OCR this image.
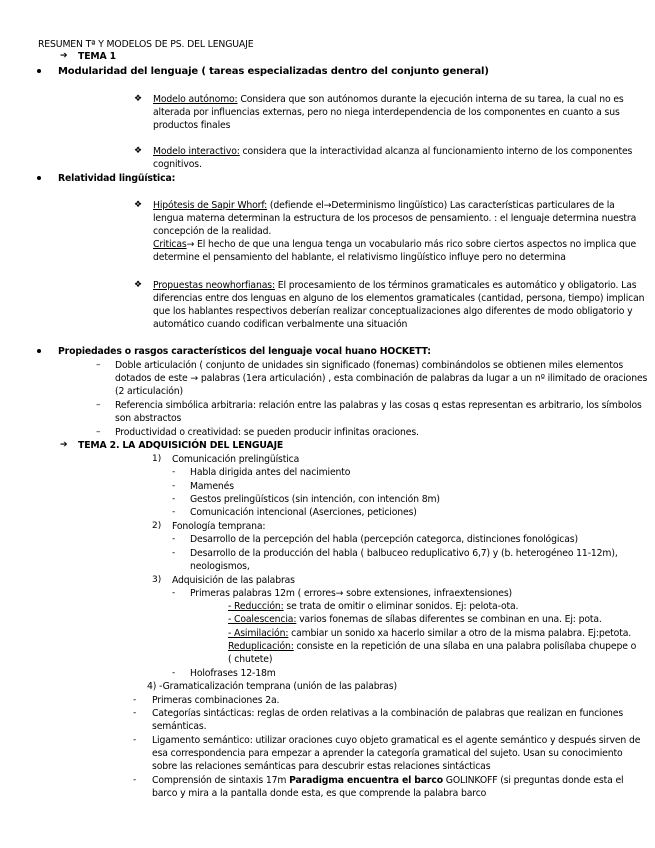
RESUMEN Tª Y MODELOS DE PS. DEL LENGUAJE
➔ TEMA 1
Modularidad del lenguaje ( tareas especializadas dentro del conjunto general)
❖ Modelo autónomo: Considera que son autónomos durante la ejecución interna de su tarea, la cual no es
alterada por influencias externas, pero no niega interdependencia de los componentes en cuanto a sus
productos finales
❖ Modelo interactivo: considera que la interactividad alcanza al funcionamiento interno de los componentes
cognitivos.
Relatividad lingüística:
❖ Hipótesis de Sapir Whorf: (defiende el→Determinismo lingüístico) Las características particulares de la
lengua materna determinan la estructura de los procesos de pensamiento. : el lenguaje determina nuestra
concepción de la realidad.
Criticas→ El hecho de que una lengua tenga un vocabulario más rico sobre ciertos aspectos no implica que
determine el pensamiento del hablante, el relativismo lingüístico influye pero no determina
❖ Propuestas neowhorfianas: El procesamiento de los términos gramaticales es automático y obligatorio. Las
diferencias entre dos lenguas en alguno de los elementos gramaticales (cantidad, persona, tiempo) implican
que los hablantes respectivos deberían realizar conceptualizaciones algo diferentes de modo obligatorio y
automático cuando codifican verbalmente una situación
Propiedades o rasgos característicos del lenguaje vocal huano HOCKETT:
– Doble articulación ( conjunto de unidades sin significado (fonemas) combinándolos se obtienen miles elementos
dotados de este → palabras (1era articulación) , esta combinación de palabras da lugar a un nº ilimitado de oraciones
(2 articulación)
– Referencia simbólica arbitraria: relación entre las palabras y las cosas q estas representan es arbitrario, los símbolos
son abstractos
– Productividad o creatividad: se pueden producir infinitas oraciones.
➔ TEMA 2. LA ADQUISICIÓN DEL LENGUAJE
1) Comunicación prelingüística
- Habla dirigida antes del nacimiento
- Mamenés
- Gestos prelingüísticos (sin intención, con intención 8m)
- Comunicación intencional (Aserciones, peticiones)
2) Fonología temprana:
- Desarrollo de la percepción del habla (percepción categorca, distinciones fonológicas)
- Desarrollo de la producción del habla ( balbuceo reduplicativo 6,7) y (b. heterogéneo 11-12m),
neologismos,
3) Adquisición de las palabras
- Primeras palabras 12m ( errores→ sobre extensiones, infraextensiones)
- Reducción: se trata de omitir o eliminar sonidos. Ej: pelota-ota.
- Coalescencia: varios fonemas de sílabas diferentes se combinan en una. Ej: pota.
- Asimilación: cambiar un sonido xa hacerlo similar a otro de la misma palabra. Ej:petota.
Reduplicación: consiste en la repetición de una sílaba en una palabra polisílaba chupepe o
( chutete)
- Holofrases 12-18m
4) -Gramaticalización temprana (unión de las palabras)
- Primeras combinaciones 2a.
- Categorías sintácticas: reglas de orden relativas a la combinación de palabras que realizan en funciones
semánticas.
- Ligamento semántico: utilizar oraciones cuyo objeto gramatical es el agente semántico y después sirven de
esa correspondencia para empezar a aprender la categoría gramatical del sujeto. Usan su conocimiento
sobre las relaciones semánticas para descubrir estas relaciones sintácticas
- Comprensión de sintaxis 17m Paradigma encuentra el barco GOLINKOFF (si preguntas donde esta el
barco y mira a la pantalla donde esta, es que comprende la palabra barco
